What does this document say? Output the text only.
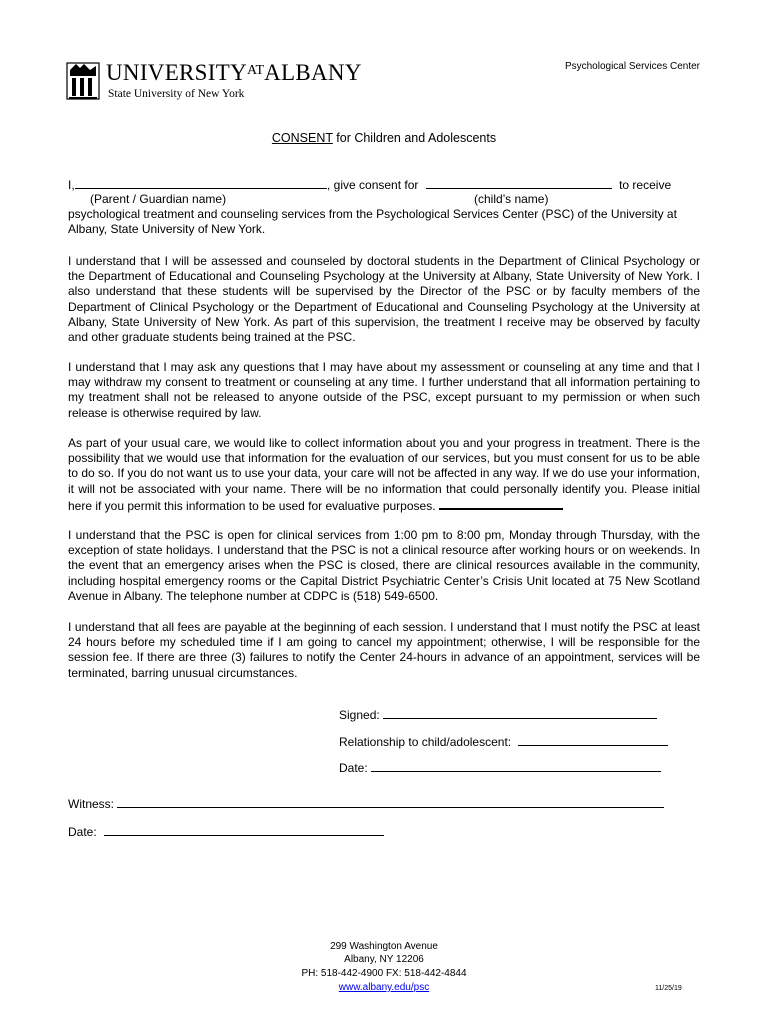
$UNIVERSITY^{AT}ALBANY$
State University of New York
Psychological Services Center
CONSENT for Children and Adolescents
I,	, give consent for	to receive
(Parent / Guardian name)	(child’s name)
psychological treatment and counseling services from the Psychological Services Center (PSC) of the University at Albany, State University of New York.
I understand that I will be assessed and counseled by doctoral students in the Department of Clinical Psychology or the Department of Educational and Counseling Psychology at the University at Albany, State University of New York. I also understand that these students will be supervised by the Director of the PSC or by faculty members of the Department of Clinical Psychology or the Department of Educational and Counseling Psychology at the University at Albany, State University of New York. As part of this supervision, the treatment I receive may be observed by faculty and other graduate students being trained at the PSC.
I understand that I may ask any questions that I may have about my assessment or counseling at any time and that I may withdraw my consent to treatment or counseling at any time. I further understand that all information pertaining to my treatment shall not be released to anyone outside of the PSC, except pursuant to my permission or when such release is otherwise required by law.
As part of your usual care, we would like to collect information about you and your progress in treatment. There is the possibility that we would use that information for the evaluation of our services, but you must consent for us to be able to do so. If you do not want us to use your data, your care will not be affected in any way. If we do use your information, it will not be associated with your name. There will be no information that could personally identify you. Please initial here if you permit this information to be used for evaluative purposes.
I understand that the PSC is open for clinical services from 1:00 pm to 8:00 pm, Monday through Thursday, with the exception of state holidays. I understand that the PSC is not a clinical resource after working hours or on weekends. In the event that an emergency arises when the PSC is closed, there are clinical resources available in the community, including hospital emergency rooms or the Capital District Psychiatric Center’s Crisis Unit located at 75 New Scotland Avenue in Albany. The telephone number at CDPC is (518) 549-6500.
I understand that all fees are payable at the beginning of each session. I understand that I must notify the PSC at least 24 hours before my scheduled time if I am going to cancel my appointment; otherwise, I will be responsible for the session fee. If there are three (3) failures to notify the Center 24-hours in advance of an appointment, services will be terminated, barring unusual circumstances.
Signed:
Relationship to child/adolescent:
Date:
Witness:
Date:
299 Washington Avenue
Albany, NY 12206
PH: 518-442-4900 FX: 518-442-4844
www.albany.edu/psc	11/25/19
